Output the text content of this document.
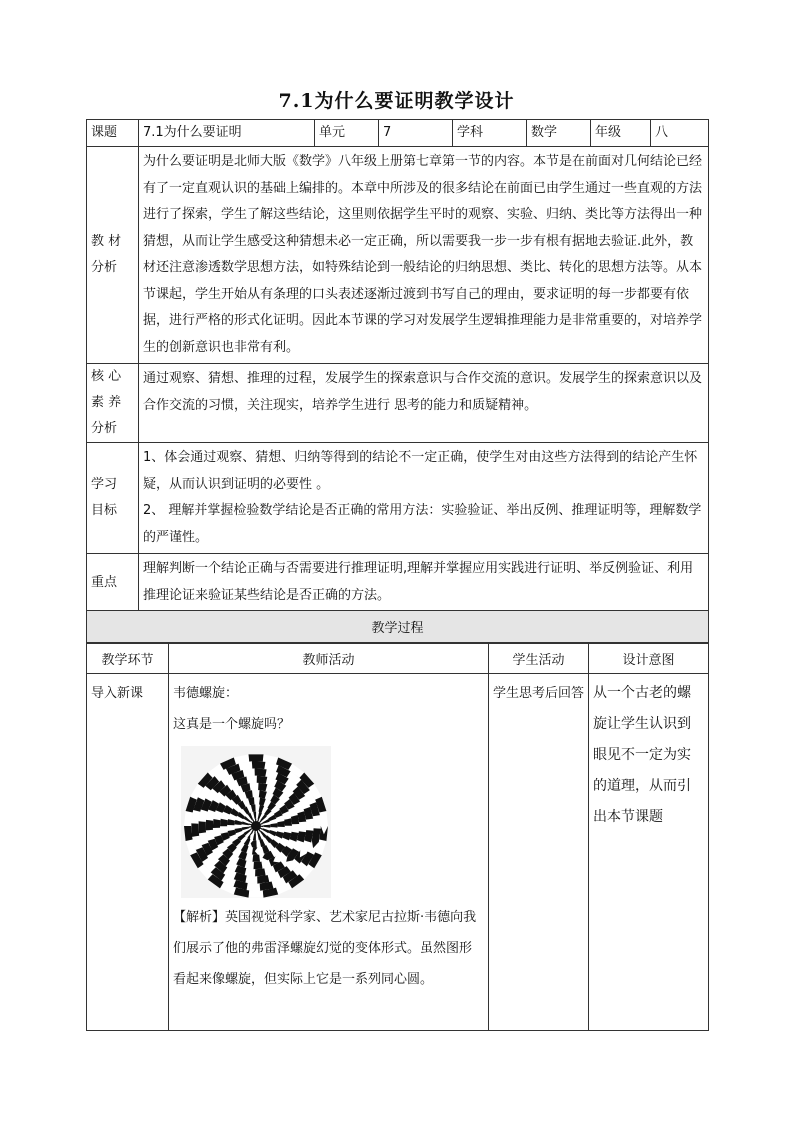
7.1为什么要证明教学设计
课题	7.1为什么要证明	单元	7	学科	数学	年级	八
教 材
分析	为什么要证明是北师大版《数学》八年级上册第七章第一节的内容。本节是在前面对几何结论已经有了一定直观认识的基础上编排的。本章中所涉及的很多结论在前面已由学生通过一些直观的方法进行了探索，学生了解这些结论，这里则依据学生平时的观察、实验、归纳、类比等方法得出一种猜想，从而让学生感受这种猜想未必一定正确，所以需要我一步一步有根有据地去验证.此外，教材还注意渗透数学思想方法，如特殊结论到一般结论的归纳思想、类比、转化的思想方法等。从本节课起，学生开始从有条理的口头表述逐渐过渡到书写自己的理由，要求证明的每一步都要有依据，进行严格的形式化证明。因此本节课的学习对发展学生逻辑推理能力是非常重要的，对培养学生的创新意识也非常有利。						
核 心
素 养
分析	通过观察、猜想、推理的过程，发展学生的探索意识与合作交流的意识。发展学生的探索意识以及合作交流的习惯，关注现实，培养学生进行 思考的能力和质疑精神。						
学习
目标	1、体会通过观察、猜想、归纳等得到的结论不一定正确，使学生对由这些方法得到的结论产生怀疑，从而认识到证明的必要性 。
2、 理解并掌握检验数学结论是否正确的常用方法：实验验证、举出反例、推理证明等，理解数学的严谨性。						
重点	理解判断一个结论正确与否需要进行推理证明,理解并掌握应用实践进行证明、举反例验证、利用推理论证来验证某些结论是否正确的方法。						

教学过程			
教学环节	教师活动	学生活动	设计意图
导入新课	韦德螺旋：
这真是一个螺旋吗？
【解析】英国视觉科学家、艺术家尼古拉斯·韦德向我们展示了他的弗雷泽螺旋幻觉的变体形式。虽然图形看起来像螺旋，但实际上它是一系列同心圆。	学生思考后回答	从一个古老的螺旋让学生认识到眼见不一定为实的道理，从而引出本节课题
